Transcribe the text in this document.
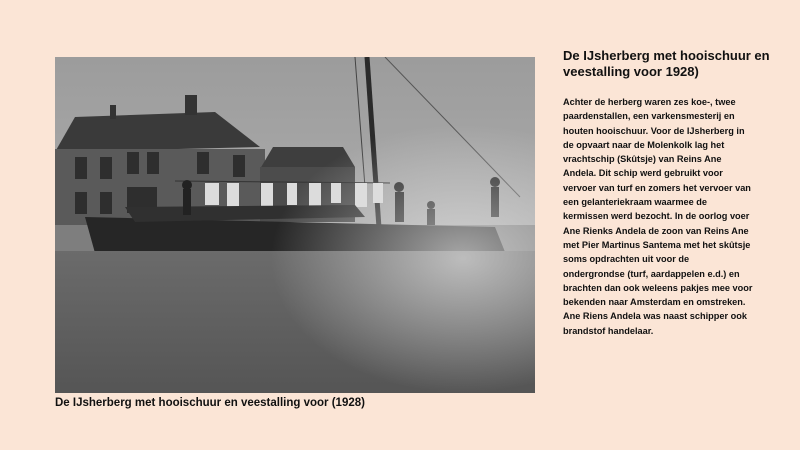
De IJsherberg met hooischuur en veestalling voor (1928)
De IJsherberg met hooischuur en veestalling voor 1928)
Achter de herberg waren zes koe-, twee paardenstallen, een varkensmesterij en houten hooischuur. Voor de IJsherberg in de opvaart naar de Molenkolk lag het vrachtschip (Skûtsje) van Reins Ane Andela. Dit schip werd gebruikt voor vervoer van turf en zomers het vervoer van een gelanteriekraam waarmee de kermissen werd bezocht. In de oorlog voer Ane Rienks Andela de zoon van Reins Ane met Pier Martinus Santema met het skûtsje soms opdrachten uit voor de ondergrondse (turf, aardappelen e.d.) en brachten dan ook weleens pakjes mee voor bekenden naar Amsterdam en omstreken. Ane Riens Andela was naast schipper ook brandstof handelaar.
